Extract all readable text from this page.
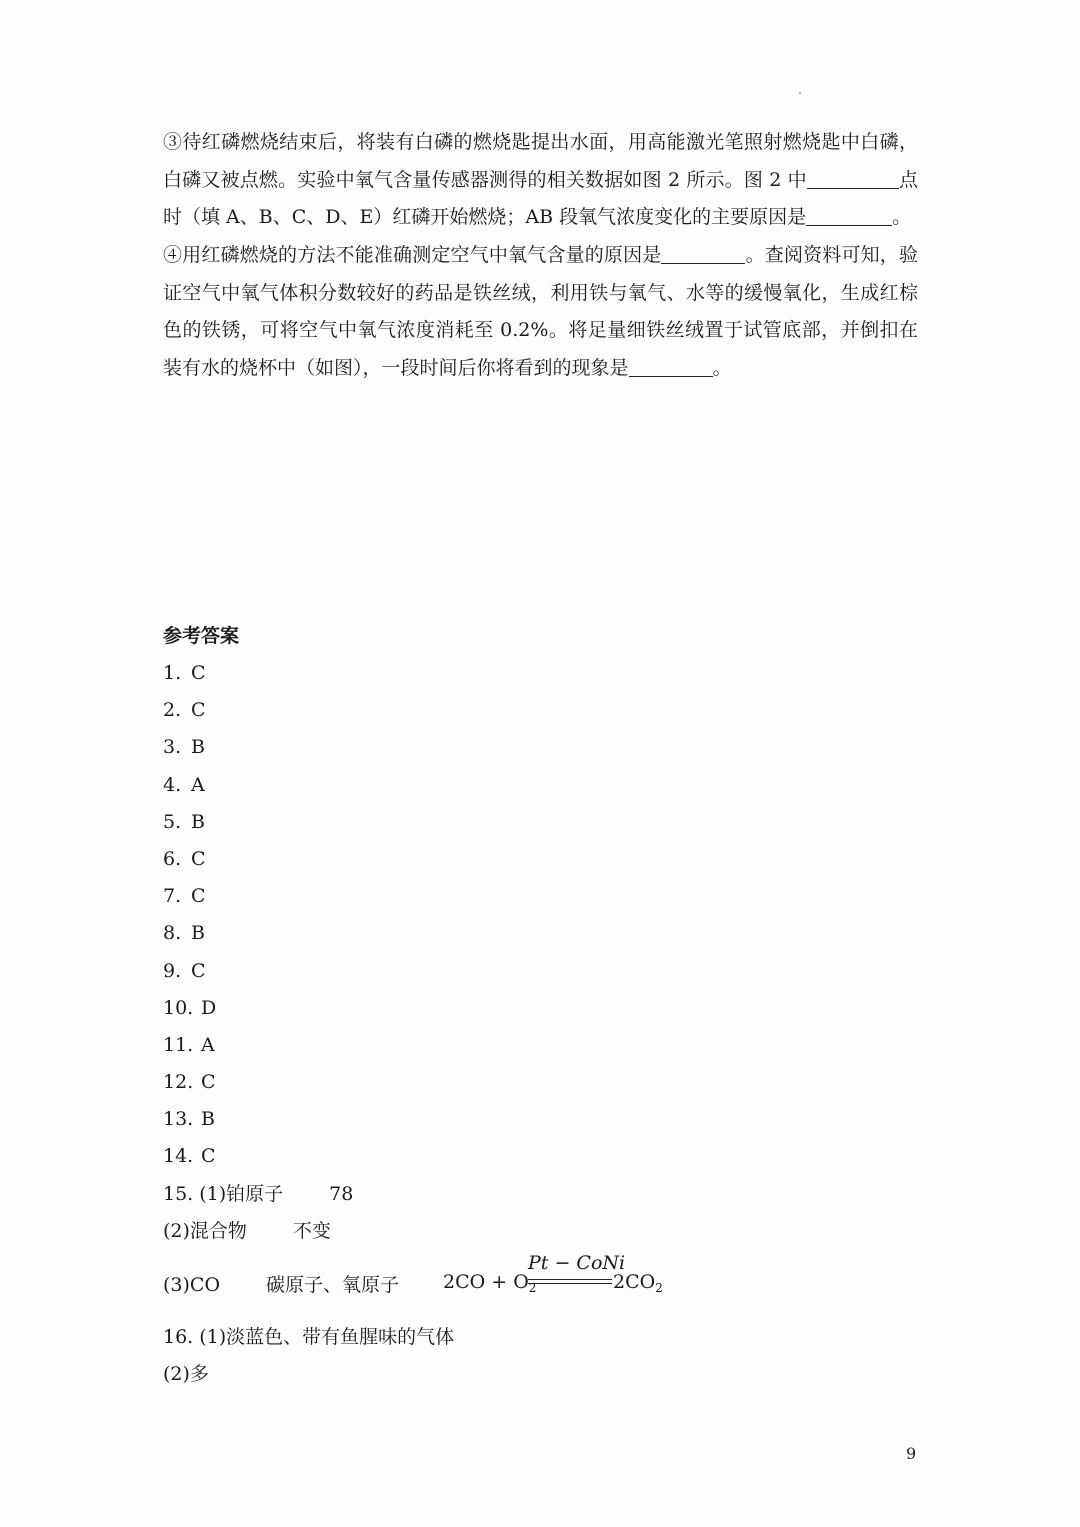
③待红磷燃烧结束后，将装有白磷的燃烧匙提出水面，用高能激光笔照射燃烧匙中白磷，白磷又被点燃。实验中氧气含量传感器测得的相关数据如图 2 所示。图 2 中	点时（填 A、B、C、D、E）红磷开始燃烧；AB 段氧气浓度变化的主要原因是	。

④用红磷燃烧的方法不能准确测定空气中氧气含量的原因是	。查阅资料可知，验证空气中氧气体积分数较好的药品是铁丝绒，利用铁与氧气、水等的缓慢氧化，生成红棕色的铁锈，可将空气中氧气浓度消耗至 0.2%。将足量细铁丝绒置于试管底部，并倒扣在装有水的烧杯中（如图），一段时间后你将看到的现象是	。

参考答案

1. C
2. C
3. B
4. A
5. B
6. C
7. C
8. B
9. C
10. D
11. A
12. C
13. B
14. C
15. (1)铂原子 78
(2)混合物 不变
(3)CO 碳原子、氧原子 $2CO + O_2$
Pt − CoNi
$2CO_2$
16. (1)淡蓝色、带有鱼腥味的气体
(2)多

9
